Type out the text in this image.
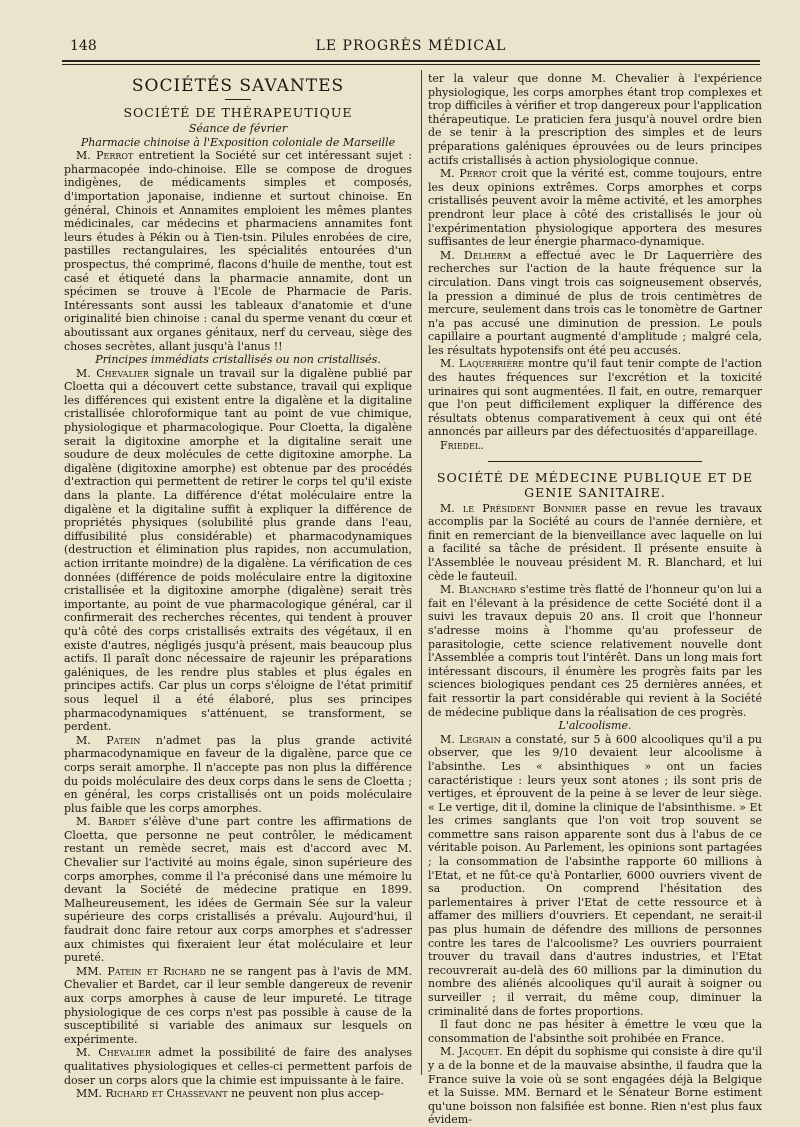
148	LE PROGRÈS MÉDICAL
SOCIÉTÉS SAVANTES
SOCIÉTÉ DE THÉRAPEUTIQUE
Séance de février
Pharmacie chinoise à l'Exposition coloniale de Marseille

M. Perrot entretient la Société sur cet intéressant sujet : pharmacopée indo-chinoise. Elle se compose de drogues indigènes, de médicaments simples et composés, d'importation japonaise, indienne et surtout chinoise. En général, Chinois et Annamites emploient les mêmes plantes médicinales, car médecins et pharmaciens annamites font leurs études à Pékin ou à Tien-tsin. Pilules enrobées de cire, pastilles rectangulaires, les spécialités entourées d'un prospectus, thé comprimé, flacons d'huile de menthe, tout est casé et étiqueté dans la pharmacie annamite, dont un spécimen se trouve à l'Ecole de Pharmacie de Paris. Intéressants sont aussi les tableaux d'anatomie et d'une originalité bien chinoise : canal du sperme venant du cœur et aboutissant aux organes génitaux, nerf du cerveau, siège des choses secrètes, allant jusqu'à l'anus !!

Principes immédiats cristallisés ou non cristallisés.

M. Chevalier signale un travail sur la digalène publié par Cloetta qui a découvert cette substance, travail qui explique les différences qui existent entre la digalène et la digitaline cristallisée chloroformique tant au point de vue chimique, physiologique et pharmacologique. Pour Cloetta, la digalène serait la digitoxine amorphe et la digitaline serait une soudure de deux molécules de cette digitoxine amorphe. La digalène (digitoxine amorphe) est obtenue par des procédés d'extraction qui permettent de retirer le corps tel qu'il existe dans la plante. La différence d'état moléculaire entre la digalène et la digitaline suffit à expliquer la différence de propriétés physiques (solubilité plus grande dans l'eau, diffusibilité plus considérable) et pharmacodynamiques (destruction et élimination plus rapides, non accumulation, action irritante moindre) de la digalène. La vérification de ces données (différence de poids moléculaire entre la digitoxine cristallisée et la digitoxine amorphe (digalène) serait très importante, au point de vue pharmacologique général, car il confirmerait des recherches récentes, qui tendent à prouver qu'à côté des corps cristallisés extraits des végétaux, il en existe d'autres, négligés jusqu'à présent, mais beaucoup plus actifs. Il paraît donc nécessaire de rajeunir les préparations galéniques, de les rendre plus stables et plus égales en principes actifs. Car plus un corps s'éloigne de l'état primitif sous lequel il a été élaboré, plus ses principes pharmacodynamiques s'atténuent, se transforment, se perdent.

M. Patein n'admet pas la plus grande activité pharmacodynamique en faveur de la digalène, parce que ce corps serait amorphe. Il n'accepte pas non plus la différence du poids moléculaire des deux corps dans le sens de Cloetta ; en général, les corps cristallisés ont un poids moléculaire plus faible que les corps amorphes.

M. Bardet s'élève d'une part contre les affirmations de Cloetta, que personne ne peut contrôler, le médicament restant un remède secret, mais est d'accord avec M. Chevalier sur l'activité au moins égale, sinon supérieure des corps amorphes, comme il l'a préconisé dans une mémoire lu devant la Société de médecine pratique en 1899. Malheureusement, les idées de Germain Sée sur la valeur supérieure des corps cristallisés a prévalu. Aujourd'hui, il faudrait donc faire retour aux corps amorphes et s'adresser aux chimistes qui fixeraient leur état moléculaire et leur pureté.

MM. Patein et Richard ne se rangent pas à l'avis de MM. Chevalier et Bardet, car il leur semble dangereux de revenir aux corps amorphes à cause de leur impureté. Le titrage physiologique de ces corps n'est pas possible à cause de la susceptibilité si variable des animaux sur lesquels on expérimente.

M. Chevalier admet la possibilité de faire des analyses qualitatives physiologiques et celles-ci permettent parfois de doser un corps alors que la chimie est impuissante à le faire.

MM. Richard et Chassevant ne peuvent non plus accep-

ter la valeur que donne M. Chevalier à l'expérience physiologique, les corps amorphes étant trop complexes et trop difficiles à vérifier et trop dangereux pour l'application thérapeutique. Le praticien fera jusqu'à nouvel ordre bien de se tenir à la prescription des simples et de leurs préparations galéniques éprouvées ou de leurs principes actifs cristallisés à action physiologique connue.

M. Perrot croit que la vérité est, comme toujours, entre les deux opinions extrêmes. Corps amorphes et corps cristallisés peuvent avoir la même activité, et les amorphes prendront leur place à côté des cristallisés le jour où l'expérimentation physiologique apportera des mesures suffisantes de leur énergie pharmaco-dynamique.

M. Delherm a effectué avec le Dr Laquerrière des recherches sur l'action de la haute fréquence sur la circulation. Dans vingt trois cas soigneusement observés, la pression a diminué de plus de trois centimètres de mercure, seulement dans trois cas le tonomètre de Gartner n'a pas accusé une diminution de pression. Le pouls capillaire a pourtant augmenté d'amplitude ; malgré cela, les résultats hypotensifs ont été peu accusés.

M. Laquerrière montre qu'il faut tenir compte de l'action des hautes fréquences sur l'excrétion et la toxicité urinaires qui sont augmentées. Il fait, en outre, remarquer que l'on peut difficilement expliquer la différence des résultats obtenus comparativement à ceux qui ont été annoncés par ailleurs par des défectuosités d'appareillage.

Friedel.

SOCIÉTÉ DE MÉDECINE PUBLIQUE ET DE GENIE SANITAIRE.

M. le Président Bonnier passe en revue les travaux accomplis par la Société au cours de l'année dernière, et finit en remerciant de la bienveillance avec laquelle on lui a facilité sa tâche de président. Il présente ensuite à l'Assemblée le nouveau président M. R. Blanchard, et lui cède le fauteuil.

M. Blanchard s'estime très flatté de l'honneur qu'on lui a fait en l'élevant à la présidence de cette Société dont il a suivi les travaux depuis 20 ans. Il croit que l'honneur s'adresse moins à l'homme qu'au professeur de parasitologie, cette science relativement nouvelle dont l'Assemblée a compris tout l'intérêt. Dans un long mais fort intéressant discours, il énumère les progrès faits par les sciences biologiques pendant ces 25 dernières années, et fait ressortir la part considérable qui revient à la Société de médecine publique dans la réalisation de ces progrès.

L'alcoolisme.

M. Legrain a constaté, sur 5 à 600 alcooliques qu'il a pu observer, que les 9/10 devaient leur alcoolisme à l'absinthe. Les « absinthiques » ont un facies caractéristique : leurs yeux sont atones ; ils sont pris de vertiges, et éprouvent de la peine à se lever de leur siège. « Le vertige, dit il, domine la clinique de l'absinthisme. » Et les crimes sanglants que l'on voit trop souvent se commettre sans raison apparente sont dus à l'abus de ce véritable poison. Au Parlement, les opinions sont partagées ; la consommation de l'absinthe rapporte 60 millions à l'Etat, et ne fût-ce qu'à Pontarlier, 6000 ouvriers vivent de sa production. On comprend l'hésitation des parlementaires à priver l'Etat de cette ressource et à affamer des milliers d'ouvriers. Et cependant, ne serait-il pas plus humain de défendre des millions de personnes contre les tares de l'alcoolisme? Les ouvriers pourraient trouver du travail dans d'autres industries, et l'Etat recouvrerait au-delà des 60 millions par la diminution du nombre des aliénés alcooliques qu'il aurait à soigner ou surveiller ; il verrait, du même coup, diminuer la criminalité dans de fortes proportions.

Il faut donc ne pas hésiter à émettre le vœu que la consommation de l'absinthe soit prohibée en France.

M. Jacquet. En dépit du sophisme qui consiste à dire qu'il y a de la bonne et de la mauvaise absinthe, il faudra que la France suive la voie où se sont engagées déjà la Belgique et la Suisse. MM. Bernard et le Sénateur Borne estiment qu'une boisson non falsifiée est bonne. Rien n'est plus faux évidem-
